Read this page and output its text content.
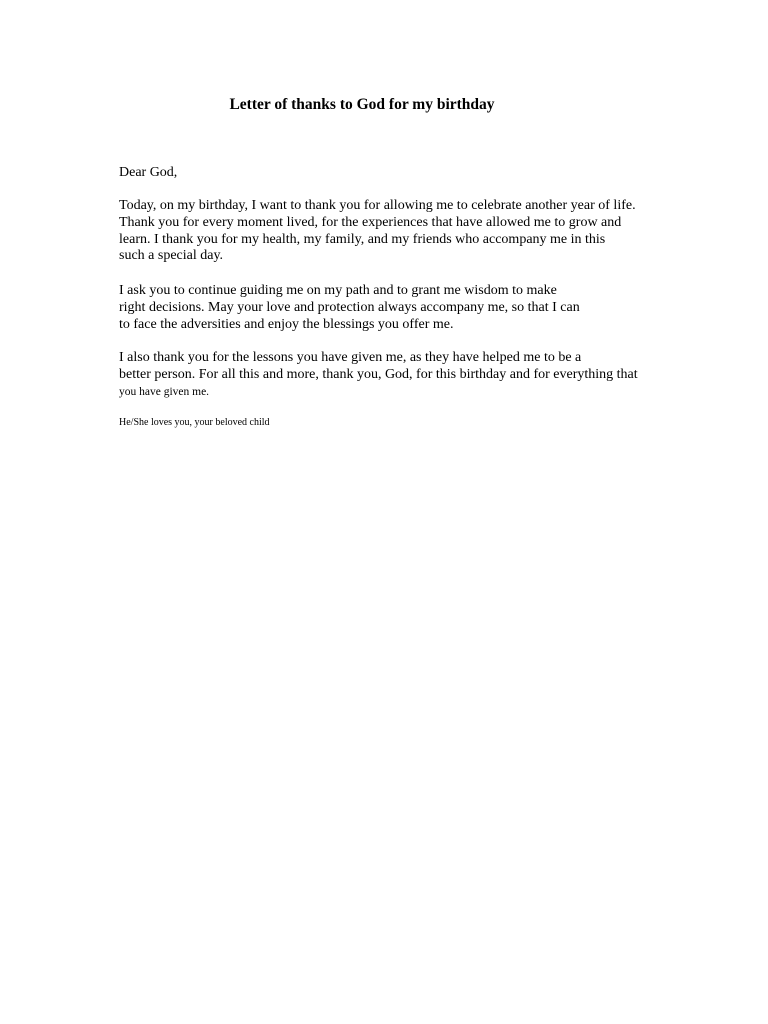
Letter of thanks to God for my birthday
Dear God,
Today, on my birthday, I want to thank you for allowing me to celebrate another year of life.
Thank you for every moment lived, for the experiences that have allowed me to grow and
learn. I thank you for my health, my family, and my friends who accompany me in this
such a special day.
I ask you to continue guiding me on my path and to grant me wisdom to make
right decisions. May your love and protection always accompany me, so that I can
to face the adversities and enjoy the blessings you offer me.
I also thank you for the lessons you have given me, as they have helped me to be a
better person. For all this and more, thank you, God, for this birthday and for everything that
you have given me.
He/She loves you, your beloved child
